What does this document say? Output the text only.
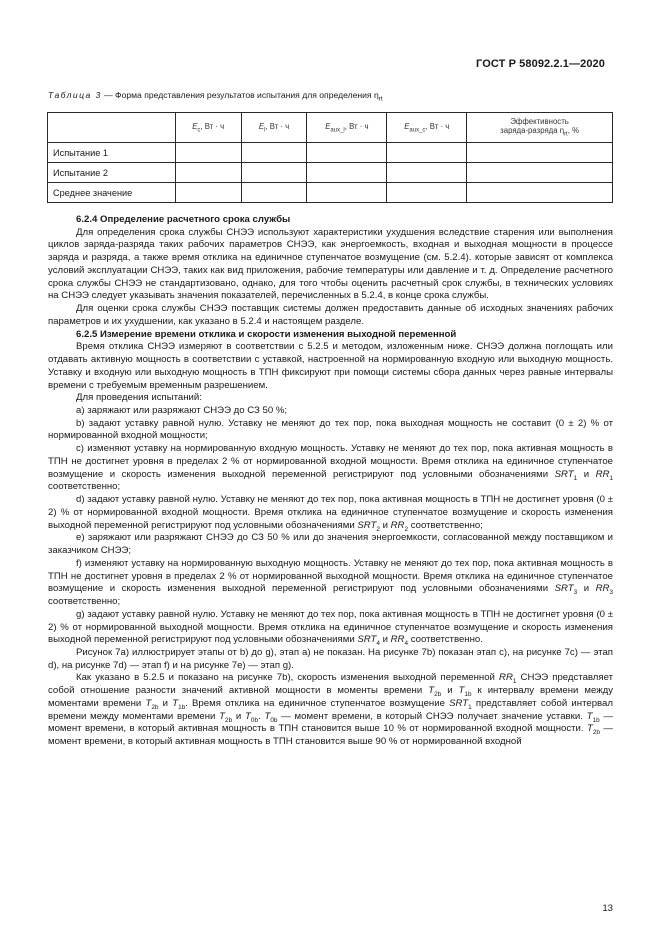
ГОСТ Р 58092.2.1—2020
Таблица 3 — Форма представления результатов испытания для определения $\eta_{rt}$
	$E_c$, Вт · ч	$E_l$, Вт · ч	$E_{aux\_l}$, Вт · ч	$E_{aux\_c}$, Вт · ч	Эффективность
заряда-разряда $\eta_{rt}$, %
Испытание 1					
Испытание 2					
Среднее значение					

6.2.4 Определение расчетного срока службы

Для определения срока службы СНЭЭ используют характеристики ухудшения вследствие старения или выполнения циклов заряда-разряда таких рабочих параметров СНЭЭ, как энергоемкость, входная и выходная мощности в процессе заряда и разряда, а также время отклика на единичное ступенчатое возмущение (см. 5.2.4). которые зависят от комплекса условий эксплуатации СНЭЭ, таких как вид приложения, рабочие температуры или давление и т. д. Определение расчетного срока службы СНЭЭ не стандартизовано, однако, для того чтобы оценить расчетный срок службы, в технических условиях на СНЭЭ следует указывать значения показателей, перечисленных в 5.2.4, в конце срока службы.

Для оценки срока службы СНЭЭ поставщик системы должен предоставить данные об исходных значениях рабочих параметров и их ухудшении, как указано в 5.2.4 и настоящем разделе.

6.2.5 Измерение времени отклика и скорости изменения выходной переменной

Время отклика СНЭЭ измеряют в соответствии с 5.2.5 и методом, изложенным ниже. СНЭЭ должна поглощать или отдавать активную мощность в соответствии с уставкой, настроенной на нормированную входную или выходную мощность. Уставку и входную или выходную мощность в ТПН фиксируют при помощи системы сбора данных через равные интервалы времени с требуемым временным разрешением.

Для проведения испытаний:

а) заряжают или разряжают СНЭЭ до СЗ 50 %;

b) задают уставку равной нулю. Уставку не меняют до тех пор, пока выходная мощность не составит (0 ± 2) % от нормированной входной мощности;

c) изменяют уставку на нормированную входную мощность. Уставку не меняют до тех пор, пока активная мощность в ТПН не достигнет уровня в пределах 2 % от нормированной входной мощности. Время отклика на единичное ступенчатое возмущение и скорость изменения выходной переменной регистрируют под условными обозначениями $SRT_1$ и $RR_1$ соответственно;

d) задают уставку равной нулю. Уставку не меняют до тех пор, пока активная мощность в ТПН не достигнет уровня (0 ± 2) % от нормированной входной мощности. Время отклика на единичное ступенчатое возмущение и скорость изменения выходной переменной регистрируют под условными обозначениями $SRT_2$ и $RR_2$ соответственно;

e) заряжают или разряжают СНЭЭ до СЗ 50 % или до значения энергоемкости, согласованной между поставщиком и заказчиком СНЭЭ;

f) изменяют уставку на нормированную выходную мощность. Уставку не меняют до тех пор, пока активная мощность в ТПН не достигнет уровня в пределах 2 % от нормированной выходной мощности. Время отклика на единичное ступенчатое возмущение и скорость изменения выходной переменной регистрируют под условными обозначениями $SRT_3$ и $RR_3$ соответственно;

g) задают уставку равной нулю. Уставку не меняют до тех пор, пока активная мощность в ТПН не достигнет уровня (0 ± 2) % от нормированной выходной мощности. Время отклика на единичное ступенчатое возмущение и скорость изменения выходной переменной регистрируют под условными обозначениями $SRT_4$ и $RR_4$ соответственно.

Рисунок 7а) иллюстрирует этапы от b) до g), этап а) не показан. На рисунке 7b) показан этап c), на рисунке 7c) — этап d), на рисунке 7d) — этап f) и на рисунке 7e) — этап g).

Как указано в 5.2.5 и показано на рисунке 7b), скорость изменения выходной переменной $RR_1$ СНЭЭ представляет собой отношение разности значений активной мощности в моменты времени $T_{2b}$ и $T_{1b}$ к интервалу времени между моментами времени $T_{2b}$ и $T_{1b}$. Время отклика на единичное ступенчатое возмущение $SRT_1$ представляет собой интервал времени между моментами времени $T_{2b}$ и $T_{0b}$. $T_{0b}$ — момент времени, в который СНЭЭ получает значение уставки. $T_{1b}$ — момент времени, в который активная мощность в ТПН становится выше 10 % от нормированной входной мощности. $T_{2b}$ — момент времени, в который активная мощность в ТПН становится выше 90 % от нормированной входной

13
